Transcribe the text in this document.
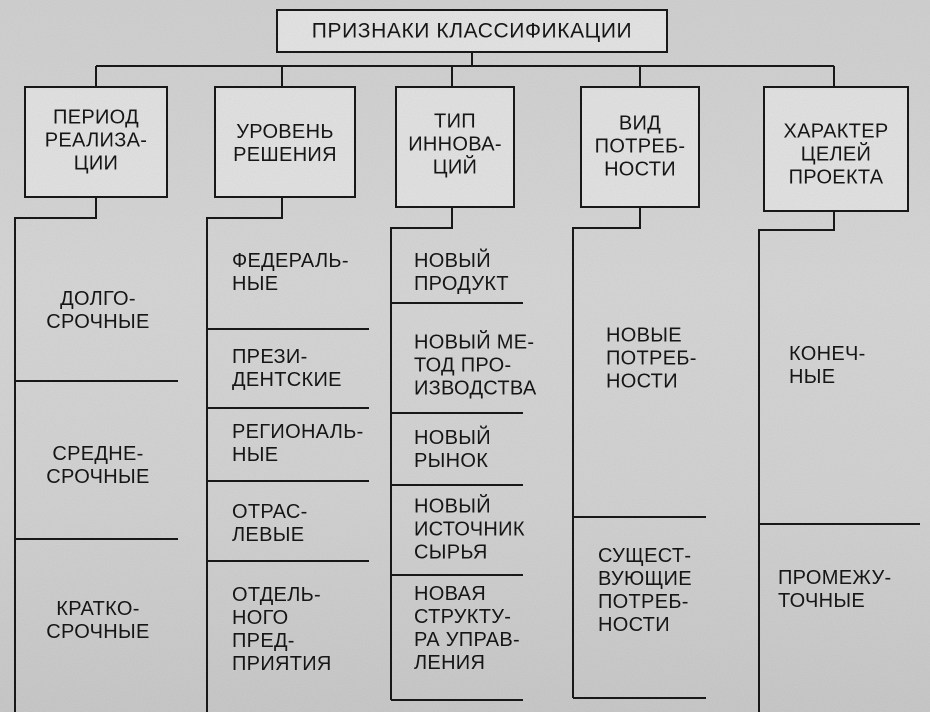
ПРИЗНАКИ КЛАССИФИКАЦИИ
ПЕРИОД
РЕАЛИЗА-
ЦИИ
УРОВЕНЬ
РЕШЕНИЯ
ТИП
ИННОВА-
ЦИЙ
ВИД
ПОТРЕБ-
НОСТИ
ХАРАКТЕР
ЦЕЛЕЙ
ПРОЕКТА
ДОЛГО-
СРОЧНЫЕ
СРЕДНЕ-
СРОЧНЫЕ
КРАТКО-
СРОЧНЫЕ
ФЕДЕРАЛЬ-
НЫЕ
ПРЕЗИ-
ДЕНТСКИЕ
РЕГИОНАЛЬ-
НЫЕ
ОТРАС-
ЛЕВЫЕ
ОТДЕЛЬ-
НОГО
ПРЕД-
ПРИЯТИЯ
НОВЫЙ
ПРОДУКТ
НОВЫЙ МЕ-
ТОД ПРО-
ИЗВОДСТВА
НОВЫЙ
РЫНОК
НОВЫЙ
ИСТОЧНИК
СЫРЬЯ
НОВАЯ
СТРУКТУ-
РА УПРАВ-
ЛЕНИЯ
НОВЫЕ
ПОТРЕБ-
НОСТИ
СУЩЕСТ-
ВУЮЩИЕ
ПОТРЕБ-
НОСТИ
КОНЕЧ-
НЫЕ
ПРОМЕЖУ-
ТОЧНЫЕ
